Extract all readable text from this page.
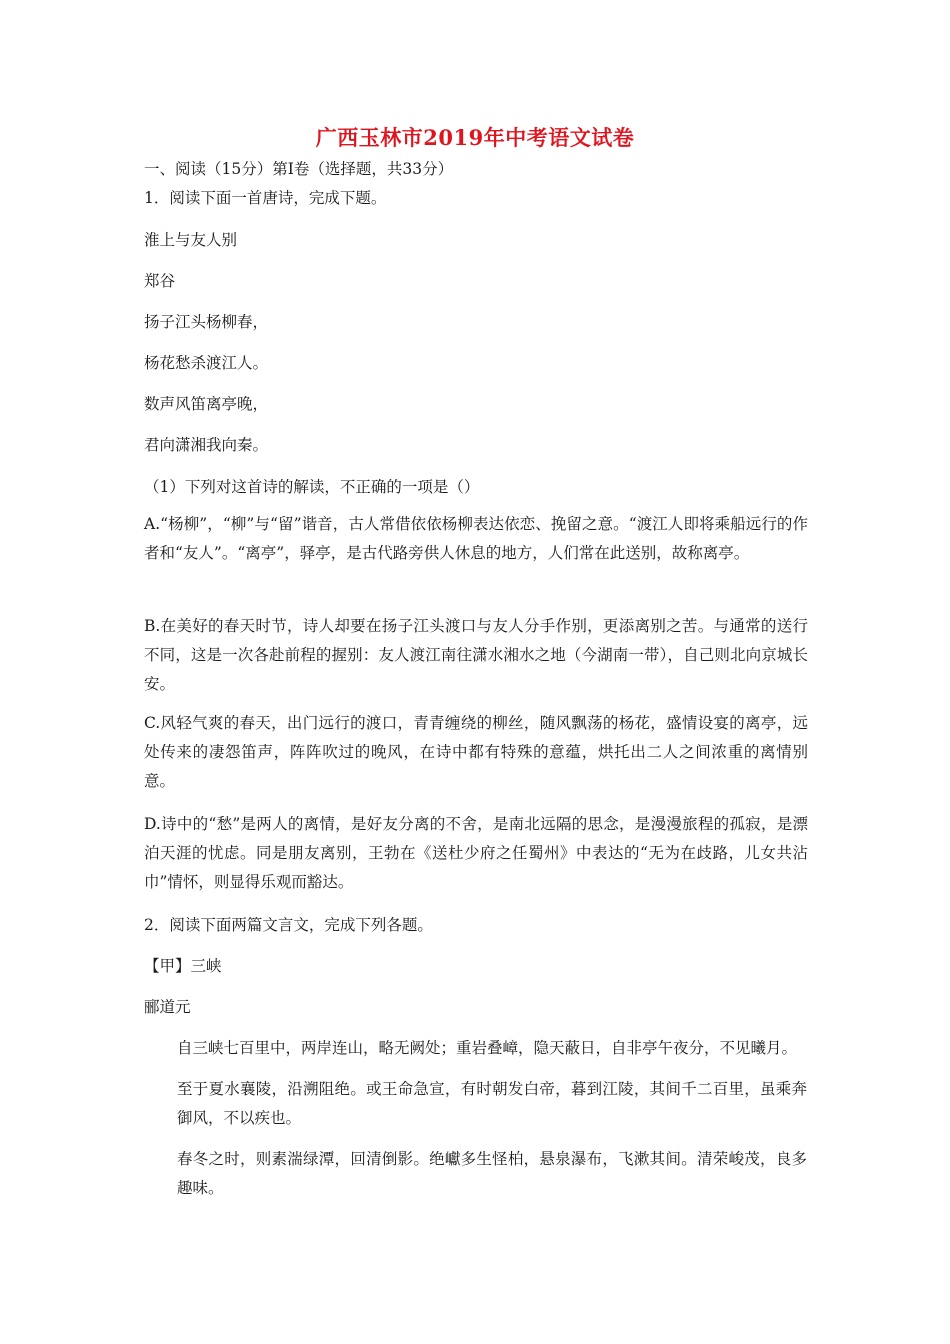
广西玉林市2019年中考语文试卷
一、阅读（15分）第Ⅰ卷（选择题，共33分）
1．阅读下面一首唐诗，完成下题。
淮上与友人别
郑谷
扬子江头杨柳春，
杨花愁杀渡江人。
数声风笛离亭晚，
君向潇湘我向秦。
（1）下列对这首诗的解读，不正确的一项是（）
A.“杨柳”，“柳”与“留”谐音，古人常借依依杨柳表达依恋、挽留之意。“渡江人即将乘船远行的作者和“友人”。“离亭”，驿亭，是古代路旁供人休息的地方，人们常在此送别，故称离亭。
B.在美好的春天时节，诗人却要在扬子江头渡口与友人分手作别，更添离别之苦。与通常的送行不同，这是一次各赴前程的握别：友人渡江南往潇水湘水之地（今湖南一带），自己则北向京城长安。
C.风轻气爽的春天，出门远行的渡口，青青缠绕的柳丝，随风飘荡的杨花，盛情设宴的离亭，远处传来的凄怨笛声，阵阵吹过的晚风，在诗中都有特殊的意蕴，烘托出二人之间浓重的离情别意。
D.诗中的“愁”是两人的离情，是好友分离的不舍，是南北远隔的思念，是漫漫旅程的孤寂，是漂泊天涯的忧虑。同是朋友离别，王勃在《送杜少府之任蜀州》中表达的“无为在歧路，儿女共沾巾”情怀，则显得乐观而豁达。
2．阅读下面两篇文言文，完成下列各题。
【甲】三峡
郦道元
自三峡七百里中，两岸连山，略无阙处；重岩叠嶂，隐天蔽日，自非亭午夜分，不见曦月。
至于夏水襄陵，沿溯阻绝。或王命急宣，有时朝发白帝，暮到江陵，其间千二百里，虽乘奔御风，不以疾也。
春冬之时，则素湍绿潭，回清倒影。绝巘多生怪柏，悬泉瀑布，飞漱其间。清荣峻茂，良多趣味。
